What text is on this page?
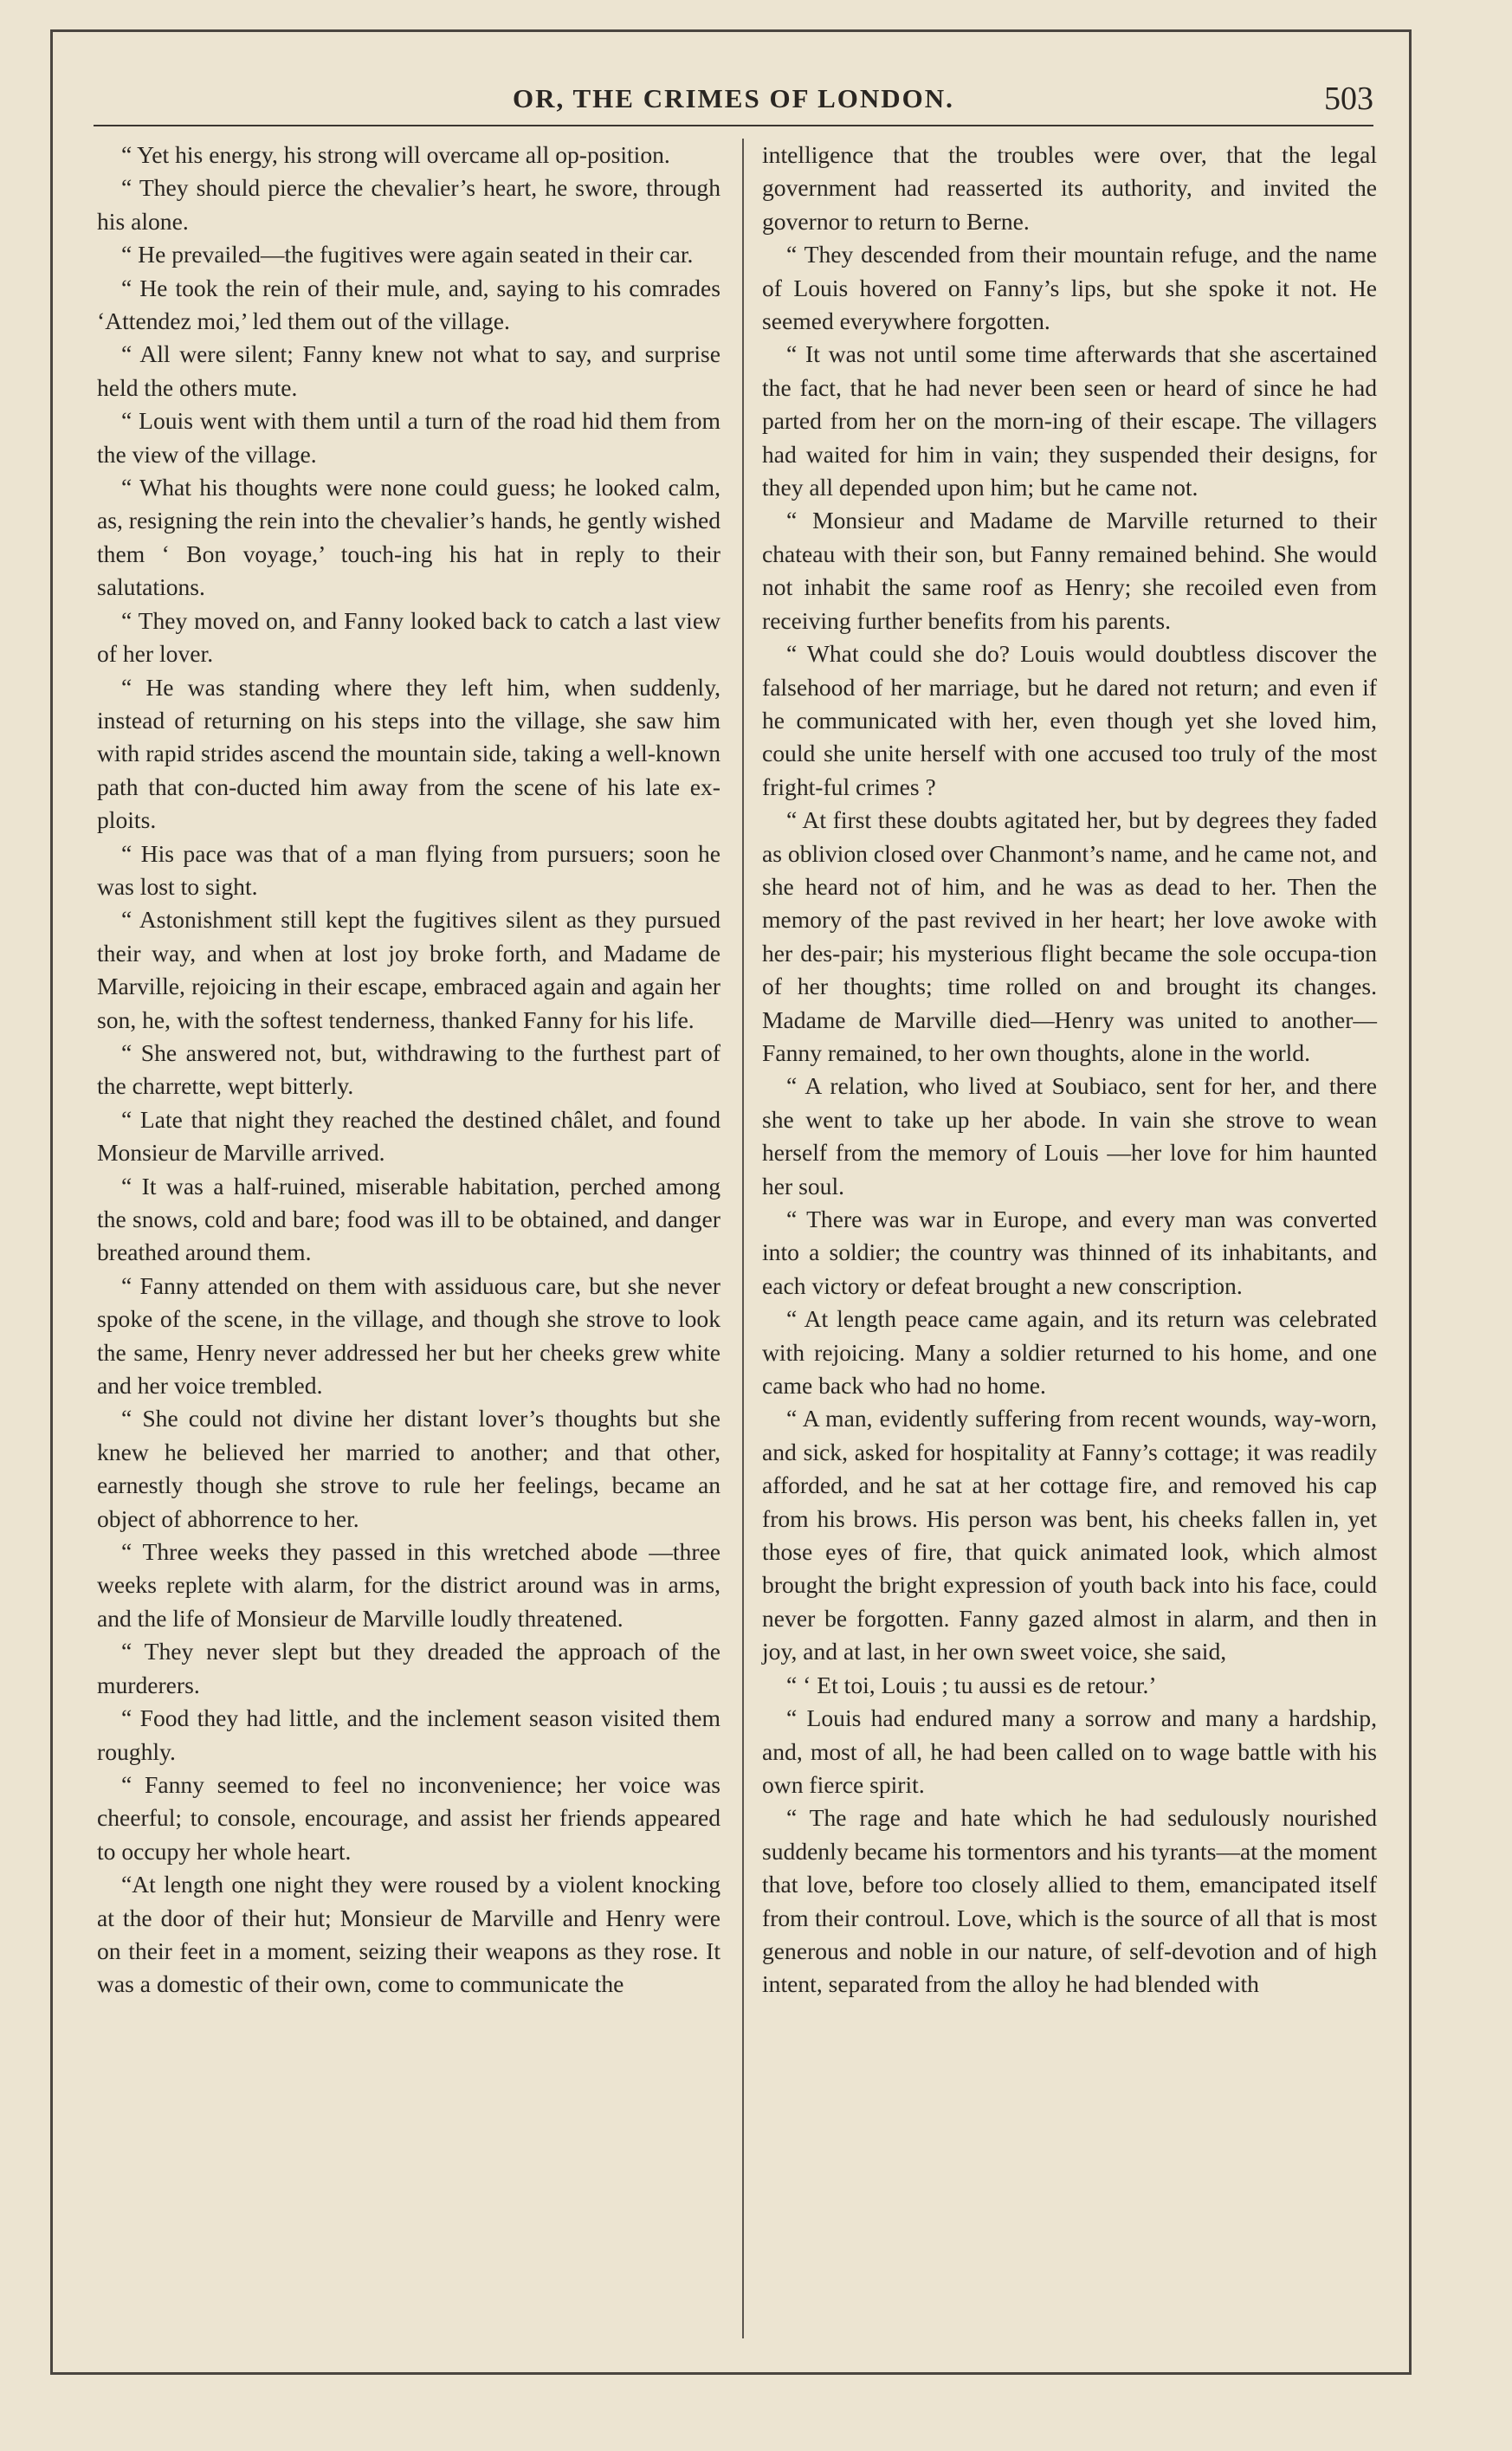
OR, THE CRIMES OF LONDON.	503

“ Yet his energy, his strong will overcame all op-position.

“ They should pierce the chevalier’s heart, he swore, through his alone.

“ He prevailed—the fugitives were again seated in their car.

“ He took the rein of their mule, and, saying to his comrades ‘Attendez moi,’ led them out of the village.

“ All were silent; Fanny knew not what to say, and surprise held the others mute.

“ Louis went with them until a turn of the road hid them from the view of the village.

“ What his thoughts were none could guess; he looked calm, as, resigning the rein into the chevalier’s hands, he gently wished them ‘ Bon voyage,’ touch-ing his hat in reply to their salutations.

“ They moved on, and Fanny looked back to catch a last view of her lover.

“ He was standing where they left him, when suddenly, instead of returning on his steps into the village, she saw him with rapid strides ascend the mountain side, taking a well-known path that con-ducted him away from the scene of his late ex-ploits.

“ His pace was that of a man flying from pursuers; soon he was lost to sight.

“ Astonishment still kept the fugitives silent as they pursued their way, and when at lost joy broke forth, and Madame de Marville, rejoicing in their escape, embraced again and again her son, he, with the softest tenderness, thanked Fanny for his life.

“ She answered not, but, withdrawing to the furthest part of the charrette, wept bitterly.

“ Late that night they reached the destined châlet, and found Monsieur de Marville arrived.

“ It was a half-ruined, miserable habitation, perched among the snows, cold and bare; food was ill to be obtained, and danger breathed around them.

“ Fanny attended on them with assiduous care, but she never spoke of the scene, in the village, and though she strove to look the same, Henry never addressed her but her cheeks grew white and her voice trembled.

“ She could not divine her distant lover’s thoughts but she knew he believed her married to another; and that other, earnestly though she strove to rule her feelings, became an object of abhorrence to her.

“ Three weeks they passed in this wretched abode —three weeks replete with alarm, for the district around was in arms, and the life of Monsieur de Marville loudly threatened.

“ They never slept but they dreaded the approach of the murderers.

“ Food they had little, and the inclement season visited them roughly.

“ Fanny seemed to feel no inconvenience; her voice was cheerful; to console, encourage, and assist her friends appeared to occupy her whole heart.

“At length one night they were roused by a violent knocking at the door of their hut; Monsieur de Marville and Henry were on their feet in a moment, seizing their weapons as they rose. It was a domestic of their own, come to communicate the

intelligence that the troubles were over, that the legal government had reasserted its authority, and invited the governor to return to Berne.

“ They descended from their mountain refuge, and the name of Louis hovered on Fanny’s lips, but she spoke it not. He seemed everywhere forgotten.

“ It was not until some time afterwards that she ascertained the fact, that he had never been seen or heard of since he had parted from her on the morn-ing of their escape. The villagers had waited for him in vain; they suspended their designs, for they all depended upon him; but he came not.

“ Monsieur and Madame de Marville returned to their chateau with their son, but Fanny remained behind. She would not inhabit the same roof as Henry; she recoiled even from receiving further benefits from his parents.

“ What could she do? Louis would doubtless discover the falsehood of her marriage, but he dared not return; and even if he communicated with her, even though yet she loved him, could she unite herself with one accused too truly of the most fright-ful crimes ?

“ At first these doubts agitated her, but by degrees they faded as oblivion closed over Chanmont’s name, and he came not, and she heard not of him, and he was as dead to her. Then the memory of the past revived in her heart; her love awoke with her des-pair; his mysterious flight became the sole occupa-tion of her thoughts; time rolled on and brought its changes. Madame de Marville died—Henry was united to another—Fanny remained, to her own thoughts, alone in the world.

“ A relation, who lived at Soubiaco, sent for her, and there she went to take up her abode. In vain she strove to wean herself from the memory of Louis —her love for him haunted her soul.

“ There was war in Europe, and every man was converted into a soldier; the country was thinned of its inhabitants, and each victory or defeat brought a new conscription.

“ At length peace came again, and its return was celebrated with rejoicing. Many a soldier returned to his home, and one came back who had no home.

“ A man, evidently suffering from recent wounds, way-worn, and sick, asked for hospitality at Fanny’s cottage; it was readily afforded, and he sat at her cottage fire, and removed his cap from his brows. His person was bent, his cheeks fallen in, yet those eyes of fire, that quick animated look, which almost brought the bright expression of youth back into his face, could never be forgotten. Fanny gazed almost in alarm, and then in joy, and at last, in her own sweet voice, she said,

“ ‘ Et toi, Louis ; tu aussi es de retour.’

“ Louis had endured many a sorrow and many a hardship, and, most of all, he had been called on to wage battle with his own fierce spirit.

“ The rage and hate which he had sedulously nourished suddenly became his tormentors and his tyrants—at the moment that love, before too closely allied to them, emancipated itself from their controul. Love, which is the source of all that is most generous and noble in our nature, of self-devotion and of high intent, separated from the alloy he had blended with
